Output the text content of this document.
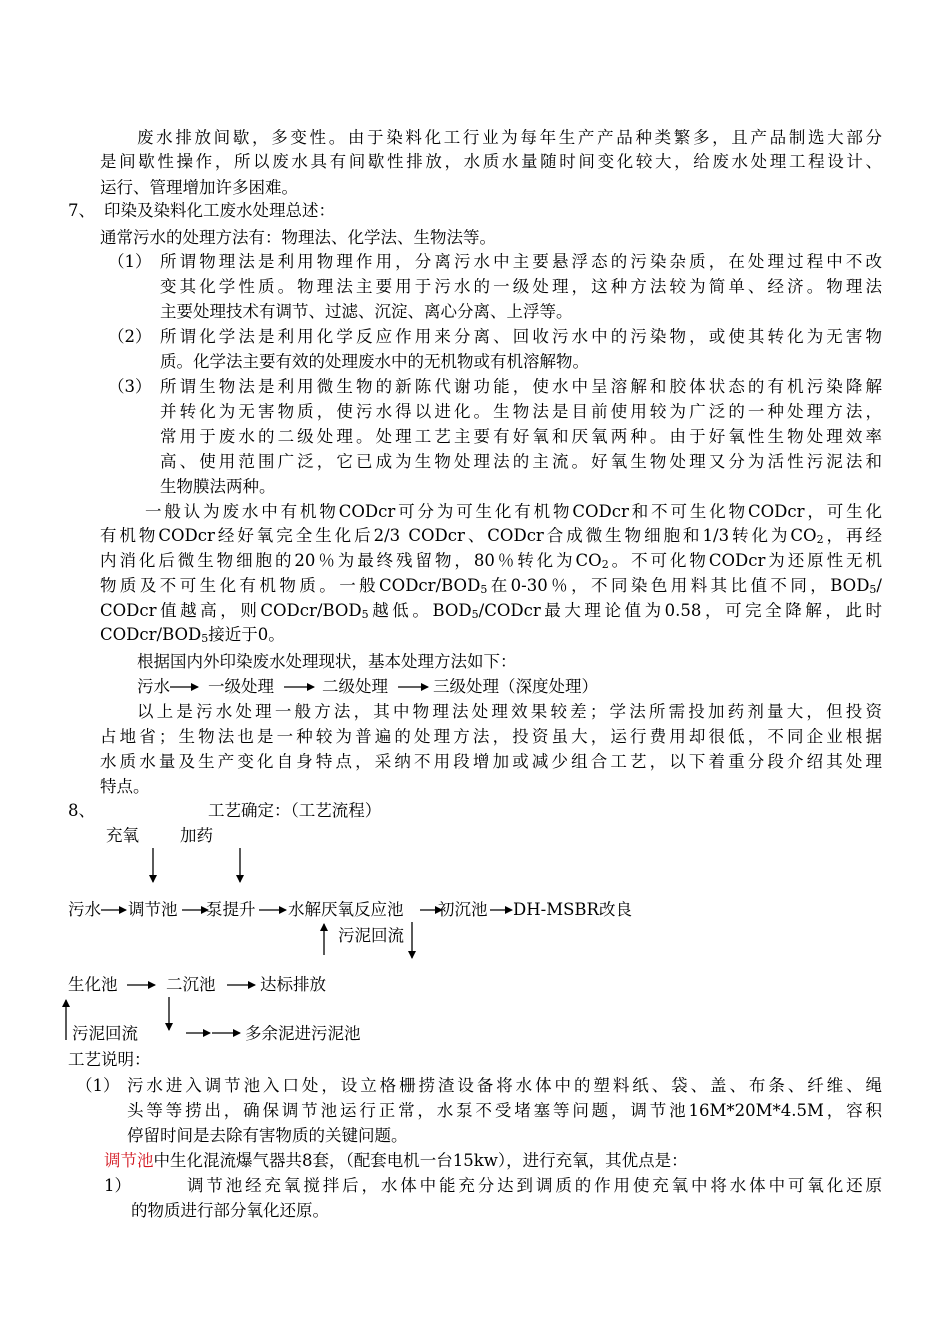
废水排放间歇，多变性。由于染料化工行业为每年生产产品种类繁多，且产品制选大部分
是间歇性操作，所以废水具有间歇性排放，水质水量随时间变化较大，给废水处理工程设计、
运行、管理增加许多困难。
7、 印染及染料化工废水处理总述：
通常污水的处理方法有：物理法、化学法、生物法等。
（1） 所谓物理法是利用物理作用，分离污水中主要悬浮态的污染杂质，在处理过程中不改
变其化学性质。物理法主要用于污水的一级处理，这种方法较为简单、经济。物理法
主要处理技术有调节、过滤、沉淀、离心分离、上浮等。
（2） 所谓化学法是利用化学反应作用来分离、回收污水中的污染物，或使其转化为无害物
质。化学法主要有效的处理废水中的无机物或有机溶解物。
（3） 所谓生物法是利用微生物的新陈代谢功能，使水中呈溶解和胶体状态的有机污染降解
并转化为无害物质，使污水得以进化。生物法是目前使用较为广泛的一种处理方法，
常用于废水的二级处理。处理工艺主要有好氧和厌氧两种。由于好氧性生物处理效率
高、使用范围广泛，它已成为生物处理法的主流。好氧生物处理又分为活性污泥法和
生物膜法两种。
一般认为废水中有机物CODcr可分为可生化有机物CODcr和不可生化物CODcr，可生化
有机物CODcr经好氧完全生化后2/3 CODcr、CODcr合成微生物细胞和1/3转化为$CO_2$，再经
内消化后微生物细胞的20％为最终残留物，80％转化为$CO_2$。不可化物CODcr为还原性无机
物质及不可生化有机物质。一般CODcr/$BOD_5$在0-30％，不同染色用料其比值不同，$BOD_5/$
CODcr值越高，则CODcr/$BOD_5$越低。$BOD_5$/CODcr最大理论值为0.58，可完全降解，此时
CODcr/$BOD_5$接近于0。
根据国内外印染废水处理现状，基本处理方法如下：
污水 一级处理	二级处理	三级处理（深度处理）
以上是污水处理一般方法，其中物理法处理效果较差；学法所需投加药剂量大，但投资
占地省；生物法也是一种较为普遍的处理方法，投资虽大，运行费用却很低，不同企业根据
水质水量及生产变化自身特点，采纳不用段增加或减少组合工艺，以下着重分段介绍其处理
特点。
8、	工艺确定：（工艺流程）
充氧 加药
污水 调节池 泵提升 水解厌氧反应池 初沉池 DH-MSBR改良
污泥回流
生化池	二沉池	达标排放
污泥回流	多余泥进污泥池
工艺说明：
（1） 污水进入调节池入口处，设立格栅捞渣设备将水体中的塑料纸、袋、盖、布条、纤维、绳
头等等捞出，确保调节池运行正常，水泵不受堵塞等问题，调节池16M*20M*4.5M，容积
停留时间是去除有害物质的关键问题。
调节池中生化混流爆气器共8套，（配套电机一台15kw），进行充氧，其优点是：
1）	调节池经充氧搅拌后，水体中能充分达到调质的作用使充氧中将水体中可氧化还原
的物质进行部分氧化还原。
